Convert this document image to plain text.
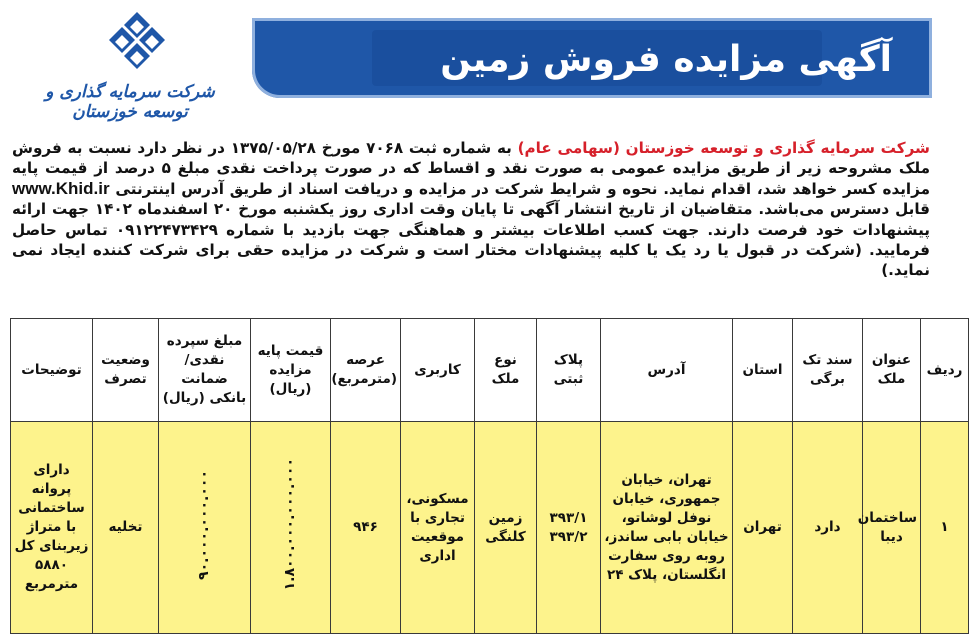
شرکت سرمایه گذاری و توسعه خوزستان
آگهی مزایده فروش زمین
شرکت سرمایه گذاری و توسعه خوزستان (سهامی عام) به شماره ثبت ۷۰۶۸ مورخ ۱۳۷۵/۰۵/۲۸ در نظر دارد نسبت به فروش ملک مشروحه زیر از طریق مزایده عمومی به صورت نقد و اقساط که در صورت پرداخت نقدی مبلغ ۵ درصد از قیمت پایه مزایده کسر خواهد شد، اقدام نماید. نحوه و شرایط شرکت در مزایده و دریافت اسناد از طریق آدرس اینترنتی www.Khid.ir قابل دسترس می‌باشد. متقاضیان از تاریخ انتشار آگهی تا پایان وقت اداری روز یکشنبه مورخ ۲۰ اسفندماه ۱۴۰۲ جهت ارائه پیشنهادات خود فرصت دارند. جهت کسب اطلاعات بیشتر و هماهنگی جهت بازدید با شماره ۰۹۱۲۲۴۷۳۴۲۹ تماس حاصل فرمایید. (شرکت در قبول یا رد یک یا کلیه پیشنهادات مختار است و شرکت در مزایده حقی برای شرکت کننده ایجاد نمی نماید.)
ردیف	عنوان ملک	سند تک برگی	استان	آدرس	پلاک ثبتی	نوع ملک	کاربری	عرصه (مترمربع)	قیمت پایه مزایده (ریال)	مبلغ سپرده نقدی/ ضمانت بانکی (ریال)	وضعیت تصرف	توضیحات
۱	ساختمان دیبا	دارد	تهران	تهران، خیابان جمهوری، خیابان نوفل لوشاتو، خیابان بابی ساندز، روبه روی سفارت انگلستان، پلاک ۲۴	۳۹۳/۱ ۳۹۳/۲	زمین کلنگی	مسکونی، تجاری با موقعیت اداری	۹۴۶	۱.۸۰۰.۰۰۰.۰۰۰.۰۰۰	۹۰.۰۰۰.۰۰۰.۰۰۰	تخلیه	دارای پروانه ساختمانی با متراژ زیربنای کل ۵۸۸۰ مترمربع
